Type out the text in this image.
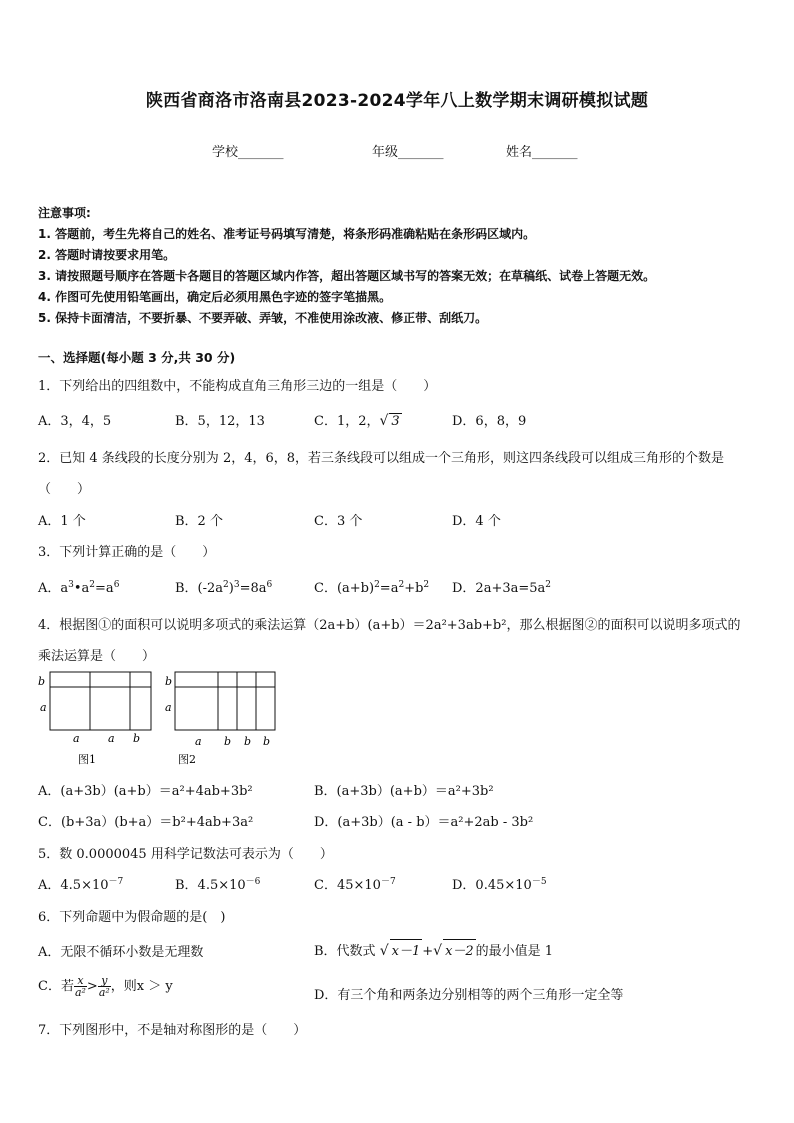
陕西省商洛市洛南县2023-2024学年八上数学期末调研模拟试题
学校_______	年级_______	姓名_______
注意事项:
1. 答题前，考生先将自己的姓名、准考证号码填写清楚，将条形码准确粘贴在条形码区域内。
2. 答题时请按要求用笔。
3. 请按照题号顺序在答题卡各题目的答题区域内作答，超出答题区域书写的答案无效；在草稿纸、试卷上答题无效。
4. 作图可先使用铅笔画出，确定后必须用黑色字迹的签字笔描黑。
5. 保持卡面清洁，不要折暴、不要弄破、弄皱，不准使用涂改液、修正带、刮纸刀。
一、选择题(每小题 3 分,共 30 分)
1．下列给出的四组数中，不能构成直角三角形三边的一组是（　　）
A．3，4，5	B．5，12，13	C．1，2，√ 3	D．6，8，9
2．已知 4 条线段的长度分别为 2，4，6，8，若三条线段可以组成一个三角形，则这四条线段可以组成三角形的个数是
（　　）
A．1 个	B．2 个	C．3 个	D．4 个
3．下列计算正确的是（　　）
A．$a^3•a^2=a^6$	B．$(-2a^2)^3=8a^6$	C．$(a+b)^2=a^2+b^2$ D．$2a+3a=5a^2$
4．根据图①的面积可以说明多项式的乘法运算（2a+b）(a+b）＝2a²+3ab+b²，那么根据图②的面积可以说明多项式的
乘法运算是（　　）
b
a
a	a b
图1
b
a
a b b b
图2
A．(a+3b）(a+b）＝a²+4ab+3b²	B．(a+3b）(a+b）＝a²+3b²
C．(b+3a）(b+a）＝b²+4ab+3a²	D．(a+3b）(a - b）＝a²+2ab - 3b²
5．数 0.0000045 用科学记数法可表示为（　　）
A．$4.5\times 10^{-7}$	B．$4.5\times 10^{-6}$	C．$45\times 10^{-7}$	D．$0.45\times 10^{-5}$
6．下列命题中为假命题的是(　)
A．无限不循环小数是无理数	B．代数式 √ x－1 +√ x－2 的最小值是 1
C．若 $\frac{x}{\text{a²}} > \frac{y}{\text{a²}}$ ，则x ＞ y
D．有三个角和两条边分别相等的两个三角形一定全等
7．下列图形中，不是轴对称图形的是（　　）
